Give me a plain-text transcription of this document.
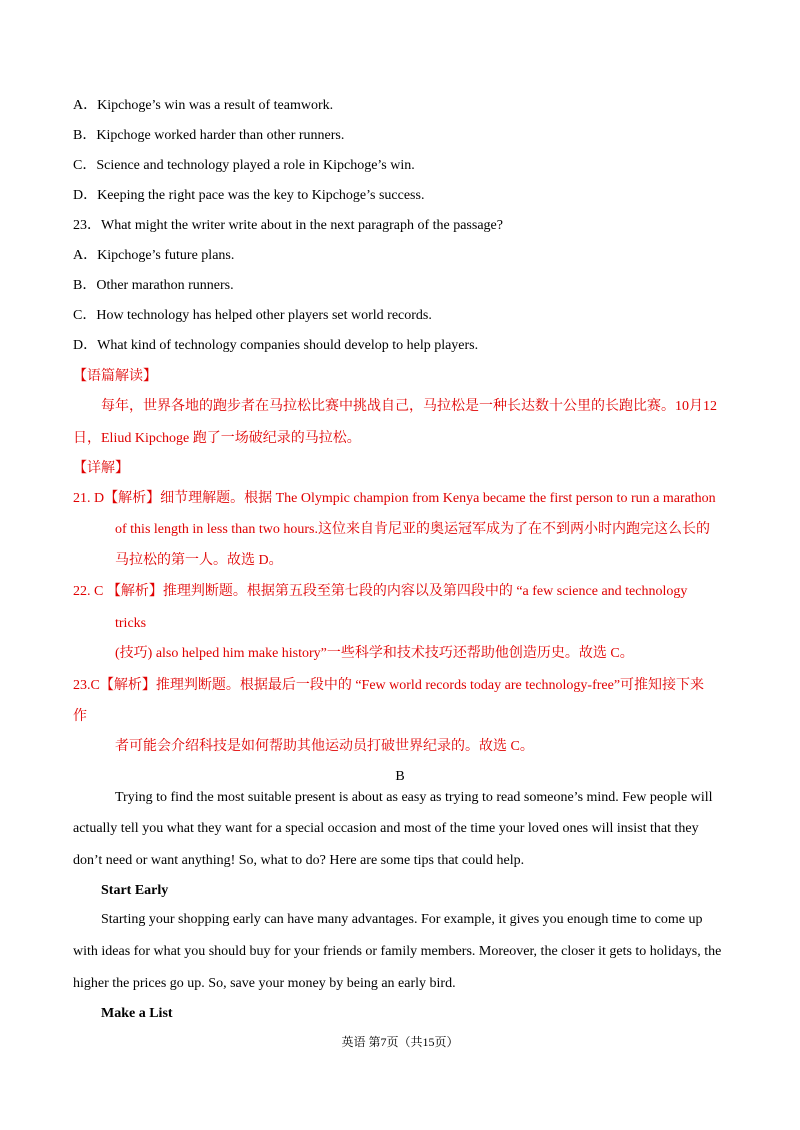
A．Kipchoge’s win was a result of teamwork.
B．Kipchoge worked harder than other runners.
C．Science and technology played a role in Kipchoge’s win.
D．Keeping the right pace was the key to Kipchoge’s success.
23．What might the writer write about in the next paragraph of the passage?
A．Kipchoge’s future plans.
B．Other marathon runners.
C．How technology has helped other players set world records.
D．What kind of technology companies should develop to help players.
【语篇解读】
每年，世界各地的跑步者在马拉松比赛中挑战自己，马拉松是一种长达数十公里的长跑比赛。10月12
日，Eliud Kipchoge 跑了一场破纪录的马拉松。
【详解】
21. D【解析】细节理解题。根据 The Olympic champion from Kenya became the first person to run a marathon
of this length in less than two hours.这位来自肯尼亚的奥运冠军成为了在不到两小时内跑完这么长的
马拉松的第一人。故选 D。
22. C 【解析】推理判断题。根据第五段至第七段的内容以及第四段中的 “a few science and technology
tricks
(技巧) also helped him make history”一些科学和技术技巧还帮助他创造历史。故选 C。
23.C【解析】推理判断题。根据最后一段中的 “Few world records today are technology-free”可推知接下来
作
者可能会介绍科技是如何帮助其他运动员打破世界纪录的。故选 C。
B
Trying to find the most suitable present is about as easy as trying to read someone’s mind. Few people will
actually tell you what they want for a special occasion and most of the time your loved ones will insist that they
don’t need or want anything! So, what to do? Here are some tips that could help.
Start Early
Starting your shopping early can have many advantages. For example, it gives you enough time to come up
with ideas for what you should buy for your friends or family members. Moreover, the closer it gets to holidays, the
higher the prices go up. So, save your money by being an early bird.
Make a List
英语 第7页（共15页）
